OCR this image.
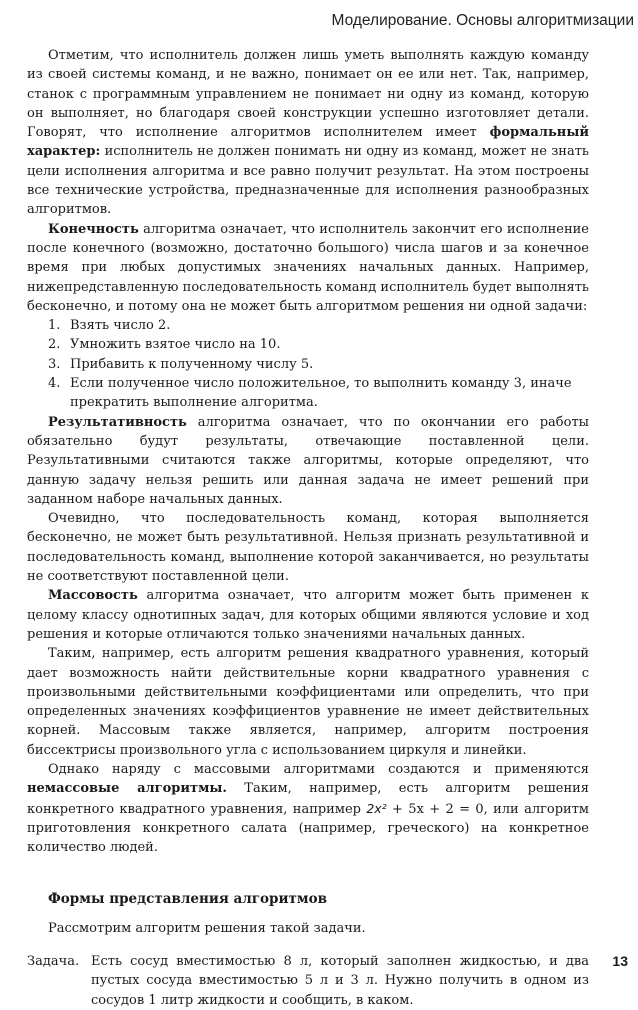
Моделирование. Основы алгоритмизации

Отметим, что исполнитель должен лишь уметь выполнять каждую команду из своей системы команд, и не важно, понимает он ее или нет. Так, например, станок с программным управлением не понимает ни одну из команд, которую он выполняет, но благодаря своей конструкции успешно изготовляет детали. Говорят, что исполнение алгоритмов исполнителем имеет формальный характер: исполнитель не должен понимать ни одну из команд, может не знать цели исполнения алгоритма и все равно получит результат. На этом построены все технические устройства, предназначенные для исполнения разнообразных алгоритмов.

Конечность алгоритма означает, что исполнитель закончит его исполнение после конечного (возможно, достаточно большого) числа шагов и за конечное время при любых допустимых значениях начальных данных. Например, нижепредставленную последовательность команд исполнитель будет выполнять бесконечно, и потому она не может быть алгоритмом решения ни одной задачи:

1. Взять число 2.
2. Умножить взятое число на 10.
3. Прибавить к полученному числу 5.
4. Если полученное число положительное, то выполнить команду 3, иначе прекратить выполнение алгоритма.

Результативность алгоритма означает, что по окончании его работы обязательно будут результаты, отвечающие поставленной цели. Результативными считаются также алгоритмы, которые определяют, что данную задачу нельзя решить или данная задача не имеет решений при заданном наборе начальных данных.

Очевидно, что последовательность команд, которая выполняется бесконечно, не может быть результативной. Нельзя признать результативной и последовательность команд, выполнение которой заканчивается, но результаты не соответствуют поставленной цели.

Массовость алгоритма означает, что алгоритм может быть применен к целому классу однотипных задач, для которых общими являются условие и ход решения и которые отличаются только значениями начальных данных.

Таким, например, есть алгоритм решения квадратного уравнения, который дает возможность найти действительные корни квадратного уравнения с произвольными действительными коэффициентами или определить, что при определенных значениях коэффициентов уравнение не имеет действительных корней. Массовым также является, например, алгоритм построения биссектрисы произвольного угла с использованием циркуля и линейки.

Однако наряду с массовыми алгоритмами создаются и применяются немассовые алгоритмы. Таким, например, есть алгоритм решения конкретного квадратного уравнения, например 2x² + 5x + 2 = 0, или алгоритм приготовления конкретного салата (например, греческого) на конкретное количество людей.

Формы представления алгоритмов

Рассмотрим алгоритм решения такой задачи.

Задача. Есть сосуд вместимостью 8 л, который заполнен жидкостью, и два пустых сосуда вместимостью 5 л и 3 л. Нужно получить в одном из сосудов 1 литр жидкости и сообщить, в каком.
13
